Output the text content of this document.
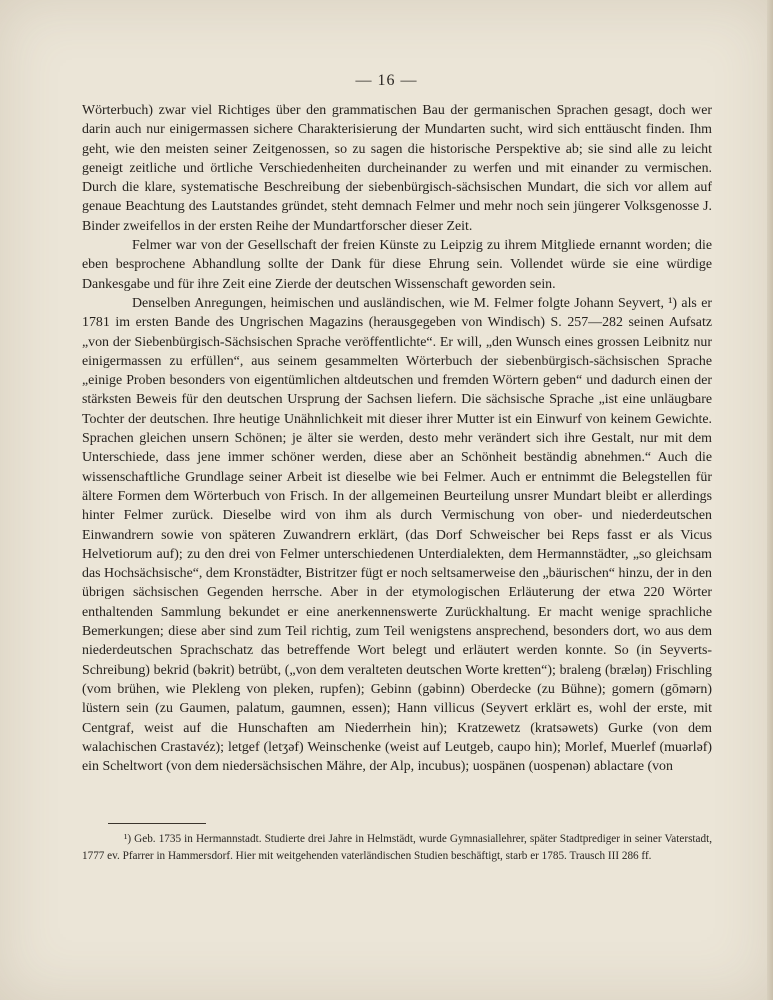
— 16 —

Wörterbuch) zwar viel Richtiges über den grammatischen Bau der germanischen Sprachen gesagt, doch wer darin auch nur einigermassen sichere Charakterisierung der Mundarten sucht, wird sich enttäuscht finden. Ihm geht, wie den meisten seiner Zeitgenossen, so zu sagen die historische Perspektive ab; sie sind alle zu leicht geneigt zeitliche und örtliche Verschiedenheiten durcheinander zu werfen und mit einander zu vermischen. Durch die klare, systematische Beschreibung der siebenbürgisch-sächsischen Mundart, die sich vor allem auf genaue Beachtung des Lautstandes gründet, steht demnach Felmer und mehr noch sein jüngerer Volksgenosse J. Binder zweifellos in der ersten Reihe der Mundartforscher dieser Zeit.

Felmer war von der Gesellschaft der freien Künste zu Leipzig zu ihrem Mitgliede ernannt worden; die eben besprochene Abhandlung sollte der Dank für diese Ehrung sein. Vollendet würde sie eine würdige Dankesgabe und für ihre Zeit eine Zierde der deutschen Wissenschaft geworden sein.

Denselben Anregungen, heimischen und ausländischen, wie M. Felmer folgte Johann Seyvert, ¹) als er 1781 im ersten Bande des Ungrischen Magazins (herausgegeben von Windisch) S. 257—282 seinen Aufsatz „von der Siebenbürgisch-Sächsischen Sprache veröffentlichte“. Er will, „den Wunsch eines grossen Leibnitz nur einigermassen zu erfüllen“, aus seinem gesammelten Wörterbuch der siebenbürgisch-sächsischen Sprache „einige Proben besonders von eigentümlichen altdeutschen und fremden Wörtern geben“ und dadurch einen der stärksten Beweis für den deutschen Ursprung der Sachsen liefern. Die sächsische Sprache „ist eine unläugbare Tochter der deutschen. Ihre heutige Unähnlichkeit mit dieser ihrer Mutter ist ein Einwurf von keinem Gewichte. Sprachen gleichen unsern Schönen; je älter sie werden, desto mehr verändert sich ihre Gestalt, nur mit dem Unterschiede, dass jene immer schöner werden, diese aber an Schönheit beständig abnehmen.“ Auch die wissenschaftliche Grundlage seiner Arbeit ist dieselbe wie bei Felmer. Auch er entnimmt die Belegstellen für ältere Formen dem Wörterbuch von Frisch. In der allgemeinen Beurteilung unsrer Mundart bleibt er allerdings hinter Felmer zurück. Dieselbe wird von ihm als durch Vermischung von ober- und niederdeutschen Einwandrern sowie von späteren Zuwandrern erklärt, (das Dorf Schweischer bei Reps fasst er als Vicus Helvetiorum auf); zu den drei von Felmer unterschiedenen Unterdialekten, dem Hermannstädter, „so gleichsam das Hochsächsische“, dem Kronstädter, Bistritzer fügt er noch seltsamerweise den „bäurischen“ hinzu, der in den übrigen sächsischen Gegenden herrsche. Aber in der etymologischen Erläuterung der etwa 220 Wörter enthaltenden Sammlung bekundet er eine anerkennenswerte Zurückhaltung. Er macht wenige sprachliche Bemerkungen; diese aber sind zum Teil richtig, zum Teil wenigstens ansprechend, besonders dort, wo aus dem niederdeutschen Sprachschatz das betreffende Wort belegt und erläutert werden konnte. So (in Seyverts-Schreibung) bekrid (bəkrit) betrübt, („von dem veralteten deutschen Worte kretten“); braleng (bræləŋ) Frischling (vom brühen, wie Plekleng von pleken, rupfen); Gebinn (gəbinn) Oberdecke (zu Bühne); gomern (gōmərn) lüstern sein (zu Gaumen, palatum, gaumnen, essen); Hann villicus (Seyvert erklärt es, wohl der erste, mit Centgraf, weist auf die Hunschaften am Niederrhein hin); Kratzewetz (kratsəwets) Gurke (von dem walachischen Crastavéz); letgef (letʒəf) Weinschenke (weist auf Leutgeb, caupo hin); Morlef, Muerlef (muərləf) ein Scheltwort (von dem niedersächsischen Mähre, der Alp, incubus); uospänen (uospenən) ablactare (von

¹) Geb. 1735 in Hermannstadt. Studierte drei Jahre in Helmstädt, wurde Gymnasiallehrer, später Stadtprediger in seiner Vaterstadt, 1777 ev. Pfarrer in Hammersdorf. Hier mit weitgehenden vaterländischen Studien beschäftigt, starb er 1785. Trausch III 286 ff.
